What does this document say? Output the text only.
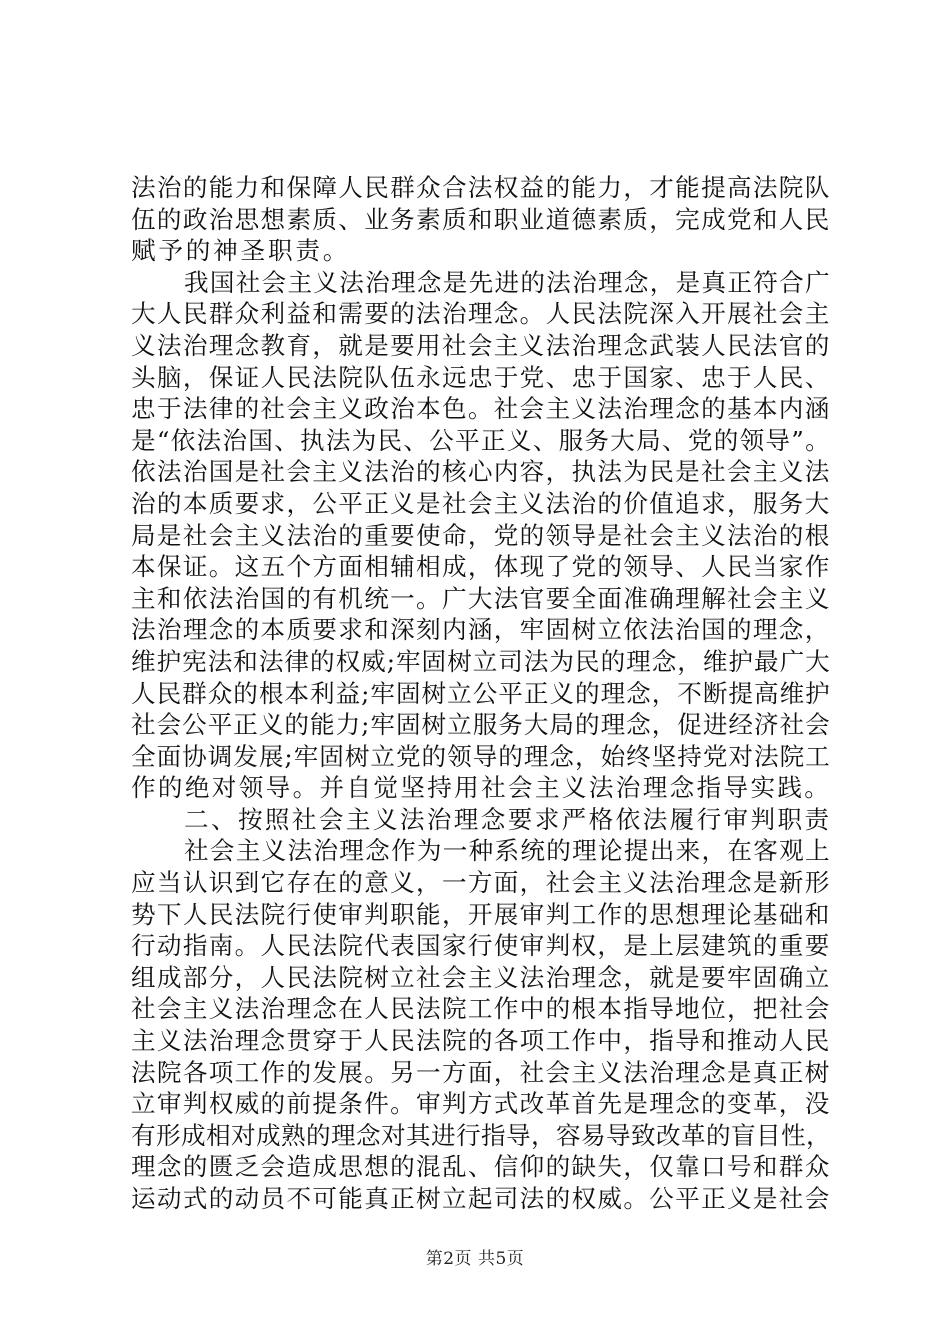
法治的能力和保障人民群众合法权益的能力，才能提高法院队
伍的政治思想素质、业务素质和职业道德素质，完成党和人民
赋予的神圣职责。
我国社会主义法治理念是先进的法治理念，是真正符合广
大人民群众利益和需要的法治理念。人民法院深入开展社会主
义法治理念教育，就是要用社会主义法治理念武装人民法官的
头脑，保证人民法院队伍永远忠于党、忠于国家、忠于人民、
忠于法律的社会主义政治本色。社会主义法治理念的基本内涵
是“依法治国、执法为民、公平正义、服务大局、党的领导”。
依法治国是社会主义法治的核心内容，执法为民是社会主义法
治的本质要求，公平正义是社会主义法治的价值追求，服务大
局是社会主义法治的重要使命，党的领导是社会主义法治的根
本保证。这五个方面相辅相成，体现了党的领导、人民当家作
主和依法治国的有机统一。广大法官要全面准确理解社会主义
法治理念的本质要求和深刻内涵，牢固树立依法治国的理念，
维护宪法和法律的权威;牢固树立司法为民的理念，维护最广大
人民群众的根本利益;牢固树立公平正义的理念，不断提高维护
社会公平正义的能力;牢固树立服务大局的理念，促进经济社会
全面协调发展;牢固树立党的领导的理念，始终坚持党对法院工
作的绝对领导。并自觉坚持用社会主义法治理念指导实践。
二、按照社会主义法治理念要求严格依法履行审判职责
社会主义法治理念作为一种系统的理论提出来，在客观上
应当认识到它存在的意义，一方面，社会主义法治理念是新形
势下人民法院行使审判职能，开展审判工作的思想理论基础和
行动指南。人民法院代表国家行使审判权，是上层建筑的重要
组成部分，人民法院树立社会主义法治理念，就是要牢固确立
社会主义法治理念在人民法院工作中的根本指导地位，把社会
主义法治理念贯穿于人民法院的各项工作中，指导和推动人民
法院各项工作的发展。另一方面，社会主义法治理念是真正树
立审判权威的前提条件。审判方式改革首先是理念的变革，没
有形成相对成熟的理念对其进行指导，容易导致改革的盲目性，
理念的匮乏会造成思想的混乱、信仰的缺失，仅靠口号和群众
运动式的动员不可能真正树立起司法的权威。公平正义是社会
第2页 共5页
